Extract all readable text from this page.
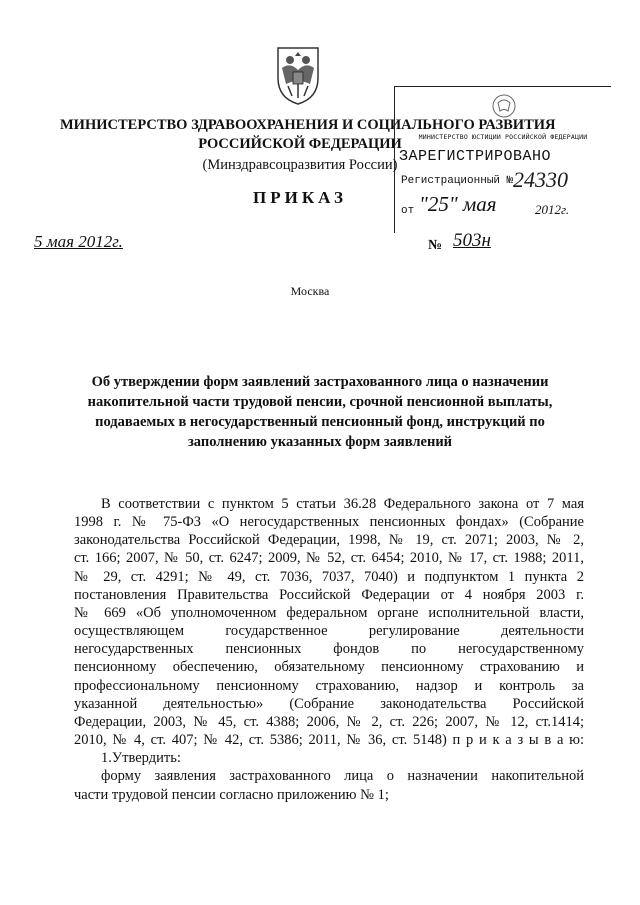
МИНИСТЕРСТВО ЗДРАВООХРАНЕНИЯ И СОЦИАЛЬНОГО РАЗВИТИЯ
РОССИЙСКОЙ ФЕДЕРАЦИИ
(Минздравсоцразвития России)
ПРИКАЗ
МИНИСТЕРСТВО ЮСТИЦИИ РОССИЙСКОЙ ФЕДЕРАЦИИ
ЗАРЕГИСТРИРОВАНО
Регистрационный № 24330
от "25" мая	2012г.
5 мая 2012г.	№ 503н
Москва
Об утверждении форм заявлений застрахованного лица о назначении
накопительной части трудовой пенсии, срочной пенсионной выплаты,
подаваемых в негосударственный пенсионный фонд, инструкций по
заполнению указанных форм заявлений
В соответствии с пунктом 5 статьи 36.28 Федерального закона от 7 мая
1998 г. № 75-ФЗ «О негосударственных пенсионных фондах» (Собрание
законодательства Российской Федерации, 1998, № 19, ст. 2071; 2003, № 2,
ст. 166; 2007, № 50, ст. 6247; 2009, № 52, ст. 6454; 2010, № 17, ст. 1988; 2011,
№ 29, ст. 4291; № 49, ст. 7036, 7037, 7040) и подпунктом 1 пункта 2
постановления Правительства Российской Федерации от 4 ноября 2003 г.
№ 669 «Об уполномоченном федеральном органе исполнительной власти,
осуществляющем государственное регулирование деятельности
негосударственных пенсионных фондов по негосударственному
пенсионному обеспечению, обязательному пенсионному страхованию и
профессиональному пенсионному страхованию, надзор и контроль за
указанной деятельностью» (Собрание законодательства Российской
Федерации, 2003, № 45, ст. 4388; 2006, № 2, ст. 226; 2007, № 12, ст.1414;
2010, № 4, ст. 407; № 42, ст. 5386; 2011, № 36, ст. 5148) п р и к а з ы в а ю:
1.Утвердить:
форму заявления застрахованного лица о назначении накопительной
части трудовой пенсии согласно приложению № 1;
